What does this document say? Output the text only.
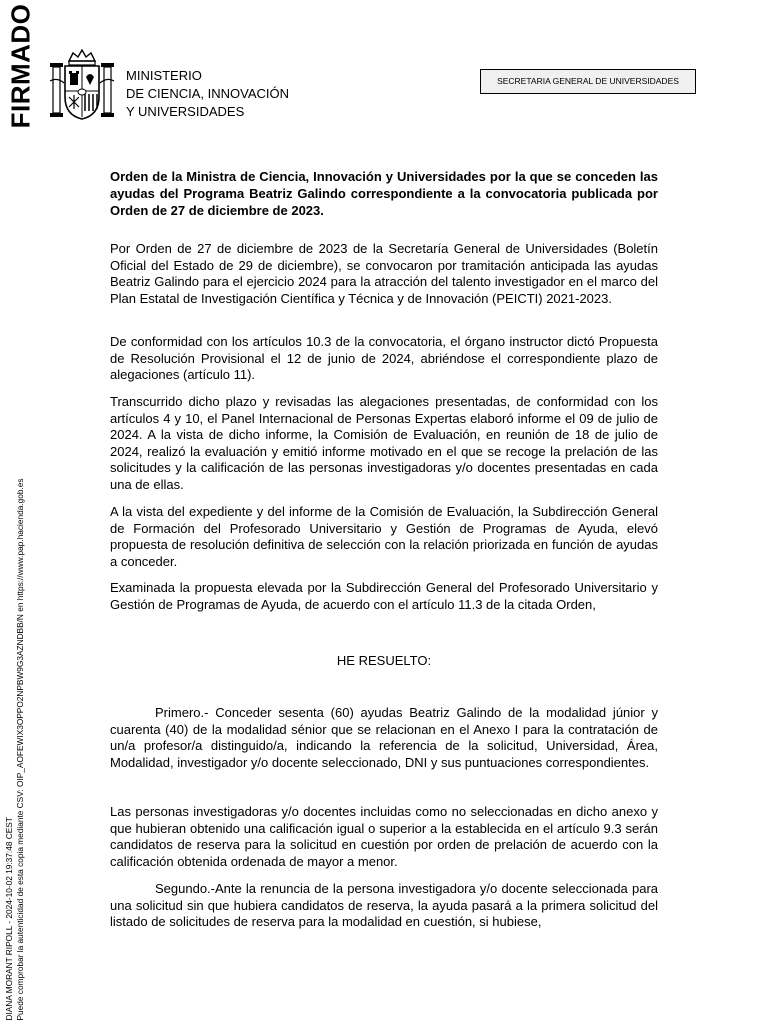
FIRMADO
DIANA MORANT RIPOLL - 2024-10-02 19:37:48 CEST Puede comprobar la autenticidad de esta copia mediante CSV: OIP_AOFEWIX3OPPO2NPBW9G3AZNDBB/N en https://www.pap.hacienda.gob.es
MINISTERIO
DE CIENCIA, INNOVACIÓN
Y UNIVERSIDADES
SECRETARIA GENERAL DE UNIVERSIDADES
Orden de la Ministra de Ciencia, Innovación y Universidades por la que se conceden las ayudas del Programa Beatriz Galindo correspondiente a la convocatoria publicada por Orden de 27 de diciembre de 2023.

Por Orden de 27 de diciembre de 2023 de la Secretaría General de Universidades (Boletín Oficial del Estado de 29 de diciembre), se convocaron por tramitación anticipada las ayudas Beatriz Galindo para el ejercicio 2024 para la atracción del talento investigador en el marco del Plan Estatal de Investigación Científica y Técnica y de Innovación (PEICTI) 2021-2023.

De conformidad con los artículos 10.3 de la convocatoria, el órgano instructor dictó Propuesta de Resolución Provisional el 12 de junio de 2024, abriéndose el correspondiente plazo de alegaciones (artículo 11).

Transcurrido dicho plazo y revisadas las alegaciones presentadas, de conformidad con los artículos 4 y 10, el Panel Internacional de Personas Expertas elaboró informe el 09 de julio de 2024. A la vista de dicho informe, la Comisión de Evaluación, en reunión de 18 de julio de 2024, realizó la evaluación y emitió informe motivado en el que se recoge la prelación de las solicitudes y la calificación de las personas investigadoras y/o docentes presentadas en cada una de ellas.

A la vista del expediente y del informe de la Comisión de Evaluación, la Subdirección General de Formación del Profesorado Universitario y Gestión de Programas de Ayuda, elevó propuesta de resolución definitiva de selección con la relación priorizada en función de ayudas a conceder.

Examinada la propuesta elevada por la Subdirección General del Profesorado Universitario y Gestión de Programas de Ayuda, de acuerdo con el artículo 11.3 de la citada Orden,

HE RESUELTO:

Primero.- Conceder sesenta (60) ayudas Beatriz Galindo de la modalidad júnior y cuarenta (40) de la modalidad sénior que se relacionan en el Anexo I para la contratación de un/a profesor/a distinguido/a, indicando la referencia de la solicitud, Universidad, Área, Modalidad, investigador y/o docente seleccionado, DNI y sus puntuaciones correspondientes.

Las personas investigadoras y/o docentes incluidas como no seleccionadas en dicho anexo y que hubieran obtenido una calificación igual o superior a la establecida en el artículo 9.3 serán candidatos de reserva para la solicitud en cuestión por orden de prelación de acuerdo con la calificación obtenida ordenada de mayor a menor.

Segundo.-Ante la renuncia de la persona investigadora y/o docente seleccionada para una solicitud sin que hubiera candidatos de reserva, la ayuda pasará a la primera solicitud del listado de solicitudes de reserva para la modalidad en cuestión, si hubiese,
